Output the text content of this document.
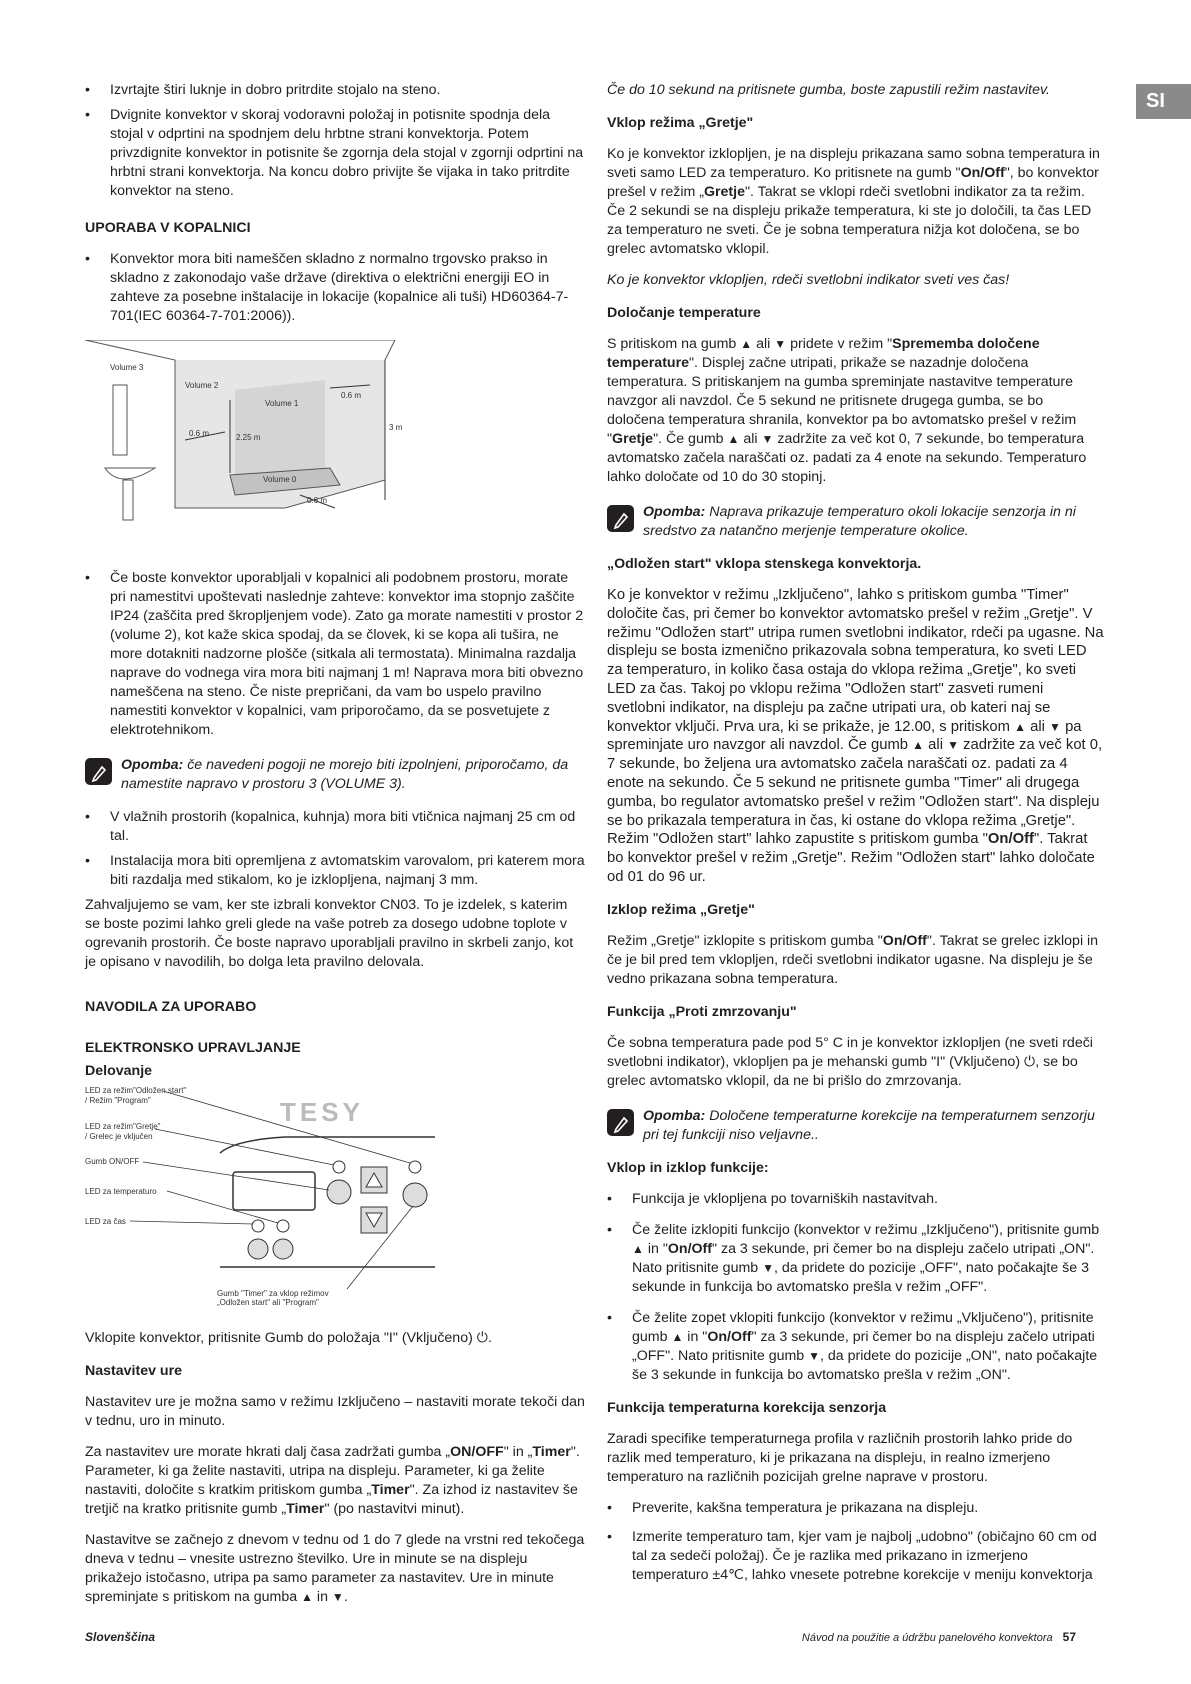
SI
• Izvrtajte štiri luknje in dobro pritrdite stojalo na steno.
• Dvignite konvektor v skoraj vodoravni položaj in potisnite spodnja dela stojal v odprtini na spodnjem delu hrbtne strani konvektorja. Potem privzdignite konvektor in potisnite še zgornja dela stojal v zgornji odprtini na hrbtni strani konvektorja. Na koncu dobro privijte še vijaka in tako pritrdite konvektor na steno.
UPORABA V KOPALNICI
• Konvektor mora biti nameščen skladno z normalno trgovsko prakso in skladno z zakonodajo vaše države (direktiva o električni energiji EO in zahteve za posebne inštalacije in lokacije (kopalnice ali tuši) HD60364-7-701(IEC 60364-7-701:2006)).
Volume 3
Volume 2
Volume 1
Volume 0
0.6 m
0.6 m
0.6 m
2.25 m
3 m
• Če boste konvektor uporabljali v kopalnici ali podobnem prostoru, morate pri namestitvi upoštevati naslednje zahteve: konvektor ima stopnjo zaščite IP24 (zaščita pred škropljenjem vode). Zato ga morate namestiti v prostor 2 (volume 2), kot kaže skica spodaj, da se človek, ki se kopa ali tuširа, ne more dotakniti nadzorne plošče (sitkala ali termostata). Minimalna razdalja naprave do vodnega vira mora biti najmanj 1 m! Naprava mora biti obvezno nameščena na steno. Če niste prepričani, da vam bo uspelo pravilno namestiti konvektor v kopalnici, vam priporočamo, da se posvetujete z elektrotehnikom.
Opomba: če navedeni pogoji ne morejo biti izpolnjeni, priporočamo, da namestite napravo v prostoru 3 (VOLUME 3).
• V vlažnih prostorih (kopalnica, kuhnja) mora biti vtičnica najmanj 25 cm od tal.
• Instalacija mora biti opremljena z avtomatskim varovalom, pri katerem mora biti razdalja med stikalom, ko je izklopljena, najmanj 3 mm.

Zahvaljujemo se vam, ker ste izbrali konvektor CN03. To je izdelek, s katerim se boste pozimi lahko greli glede na vaše potreb za dosego udobne toplote v ogrevanih prostorih. Če boste napravo uporabljali pravilno in skrbeli zanjo, kot je opisano v navodilih, bo dolga leta pravilno delovala.

NAVODILA ZA UPORABO
ELEKTRONSKO UPRAVLJANJE
Delovanje
LED za režim"Odložen start"
/ Režim "Program"
LED za režim"Gretje"
/ Grelec je vključen
Gumb ON/OFF
LED za temperaturo
LED za čas
Gumb "Timer" za vklop režimov
„Odložen start" ali "Program"
TESY

Vklopite konvektor, pritisnite Gumb do položaja "I" (Vključeno) ⏻.

Nastavitev ure

Nastavitev ure je možna samo v režimu Izključeno – nastaviti morate tekoči dan v tednu, uro in minuto.

Za nastavitev ure morate hkrati dalj časa zadržati gumba „ON/OFF" in „Timer". Parameter, ki ga želite nastaviti, utripa na displeju. Parameter, ki ga želite nastaviti, določite s kratkim pritiskom gumba „Timer". Za izhod iz nastavitev še tretjič na kratko pritisnite gumb „Timer" (po nastavitvi minut).

Nastavitve se začnejo z dnevom v tednu od 1 do 7 glede na vrstni red tekočega dneva v tednu – vnesite ustrezno številko. Ure in minute se na displeju prikažejo istočasno, utripa pa samo parameter za nastavitev. Ure in minute spreminjate s pritiskom na gumba ▲ in ▼.

Če do 10 sekund na pritisnete gumba, boste zapustili režim nastavitev.

Vklop režima „Gretje"

Ko je konvektor izklopljen, je na displeju prikazana samo sobna temperatura in sveti samo LED za temperaturo. Ko pritisnete na gumb "On/Off", bo konvektor prešel v režim „Gretje". Takrat se vklopi rdeči svetlobni indikator za ta režim. Če 2 sekundi se na displeju prikaže temperatura, ki ste jo določili, ta čas LED za temperaturo ne sveti. Če je sobna temperatura nižja kot določena, se bo grelec avtomatsko vklopil.

Ko je konvektor vklopljen, rdeči svetlobni indikator sveti ves čas!

Določanje temperature

S pritiskom na gumb ▲ ali ▼ pridete v režim "Sprememba določene temperature". Displej začne utripati, prikaže se nazadnje določena temperatura. S pritiskanjem na gumba spreminjate nastavitve temperature navzgor ali navzdol. Če 5 sekund ne pritisnete drugega gumba, se bo določena temperatura shranila, konvektor pa bo avtomatsko prešel v režim "Gretje". Če gumb ▲ ali ▼ zadržite za več kot 0, 7 sekunde, bo temperatura avtomatsko začela naraščati oz. padati za 4 enote na sekundo. Temperaturo lahko določate od 10 do 30 stopinj.

Opomba: Naprava prikazuje temperaturo okoli lokacije senzorja in ni sredstvo za natančno merjenje temperature okolice.
„Odložen start" vklopa stenskega konvektorja.

Ko je konvektor v režimu „Izključeno", lahko s pritiskom gumba "Timer" določite čas, pri čemer bo konvektor avtomatsko prešel v režim „Gretje". V režimu "Odložen start" utripa rumen svetlobni indikator, rdeči pa ugasne. Na displeju se bosta izmenično prikazovala sobna temperatura, ko sveti LED za temperaturo, in koliko časa ostaja do vklopa režima „Gretje", ko sveti LED za čas. Takoj po vklopu režima "Odložen start" zasveti rumeni svetlobni indikator, na displeju pa začne utripati ura, ob kateri naj se konvektor vključi. Prva ura, ki se prikaže, je 12.00, s pritiskom ▲ ali ▼ pa spreminjate uro navzgor ali navzdol. Če gumb ▲ ali ▼ zadržite za več kot 0, 7 sekunde, bo željena ura avtomatsko začela naraščati oz. padati za 4 enote na sekundo. Če 5 sekund ne pritisnete gumba "Timer" ali drugega gumba, bo regulator avtomatsko prešel v režim "Odložen start". Na displeju se bo prikazala temperatura in čas, ki ostane do vklopa režima „Gretje". Režim "Odložen start" lahko zapustite s pritiskom gumba "On/Off". Takrat bo konvektor prešel v režim „Gretje". Režim "Odložen start" lahko določate od 01 do 96 ur.

Izklop režima „Gretje"

Režim „Gretje" izklopite s pritiskom gumba "On/Off". Takrat se grelec izklopi in če je bil pred tem vklopljen, rdeči svetlobni indikator ugasne. Na displeju je še vedno prikazana sobna temperatura.

Funkcija „Proti zmrzovanju"

Če sobna temperatura pade pod 5° C in je konvektor izklopljen (ne sveti rdeči svetlobni indikator), vklopljen pa je mehanski gumb "I" (Vključeno) ⏻, se bo grelec avtomatsko vklopil, da ne bi prišlo do zmrzovanja.

Opomba: Določene temperaturne korekcije na temperaturnem senzorju pri tej funkciji niso veljavne..
Vklop in izklop funkcije:
• Funkcija je vklopljena po tovarniških nastavitvah.
• Če želite izklopiti funkcijo (konvektor v režimu „Izključeno"), pritisnite gumb ▲ in "On/Off" za 3 sekunde, pri čemer bo na displeju začelo utripati „ON". Nato pritisnite gumb ▼, da pridete do pozicije „OFF", nato počakajte še 3 sekunde in funkcija bo avtomatsko prešla v režim „OFF".
• Če želite zopet vklopiti funkcijo (konvektor v režimu „Vključeno"), pritisnite gumb ▲ in "On/Off" za 3 sekunde, pri čemer bo na displeju začelo utripati „OFF". Nato pritisnite gumb ▼, da pridete do pozicije „ON", nato počakajte še 3 sekunde in funkcija bo avtomatsko prešla v režim „ON".
Funkcija temperaturna korekcija senzorja

Zaradi specifike temperaturnega profila v različnih prostorih lahko pride do razlik med temperaturo, ki je prikazana na displeju, in realno izmerjeno temperaturo na različnih pozicijah grelne naprave v prostoru.

• Preverite, kakšna temperatura je prikazana na displeju.
• Izmerite temperaturo tam, kjer vam je najbolj „udobno" (običajno 60 cm od tal za sedeči položaj). Če je razlika med prikazano in izmerjeno temperaturo ±4℃, lahko vnesete potrebne korekcije v meniju konvektorja
Slovenščina	Návod na použitie a údržbu panelového konvektora 57
